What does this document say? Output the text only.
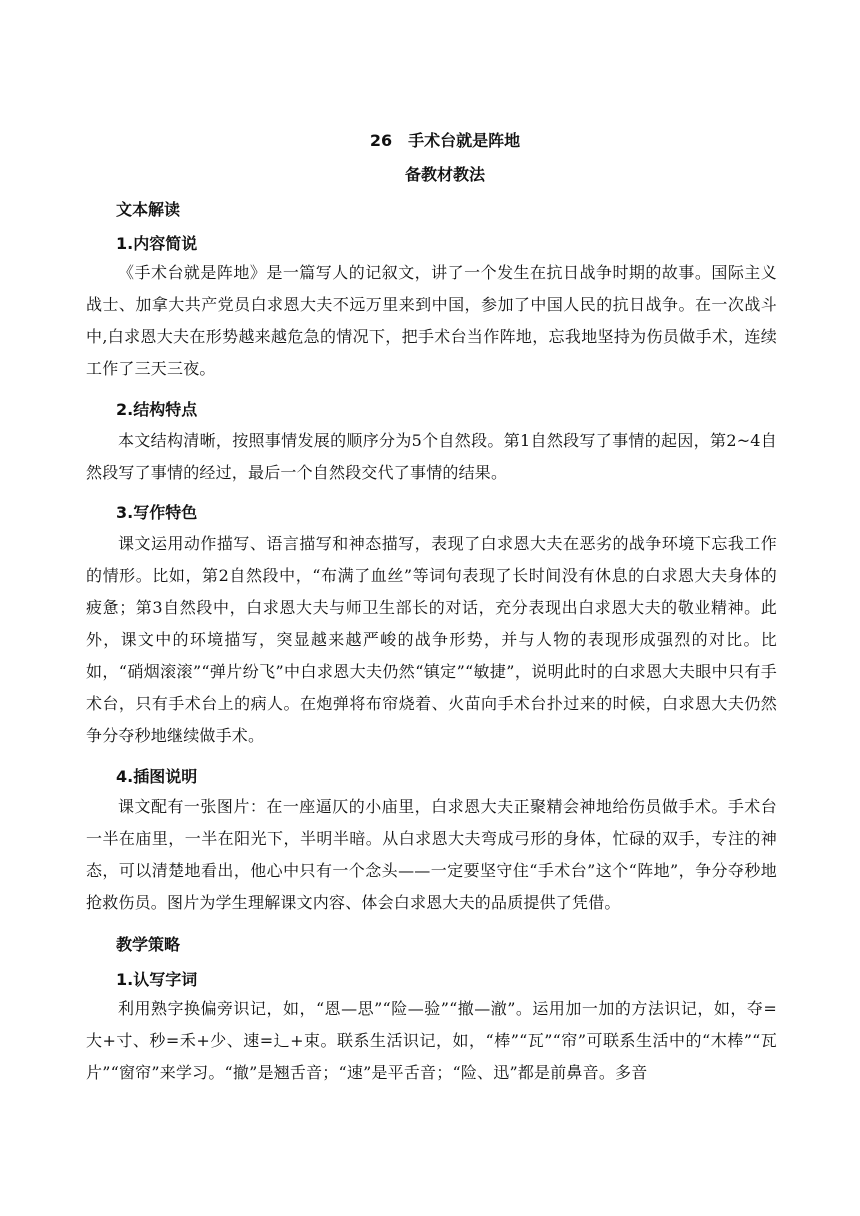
26　手术台就是阵地
备教材教法
文本解读
1.内容简说

《手术台就是阵地》是一篇写人的记叙文，讲了一个发生在抗日战争时期的故事。国际主义战士、加拿大共产党员白求恩大夫不远万里来到中国，参加了中国人民的抗日战争。在一次战斗中,白求恩大夫在形势越来越危急的情况下，把手术台当作阵地，忘我地坚持为伤员做手术，连续工作了三天三夜。

2.结构特点

本文结构清晰，按照事情发展的顺序分为5个自然段。第1自然段写了事情的起因，第2~4自然段写了事情的经过，最后一个自然段交代了事情的结果。

3.写作特色

课文运用动作描写、语言描写和神态描写，表现了白求恩大夫在恶劣的战争环境下忘我工作的情形。比如，第2自然段中，“布满了血丝”等词句表现了长时间没有休息的白求恩大夫身体的疲惫；第3自然段中，白求恩大夫与师卫生部长的对话，充分表现出白求恩大夫的敬业精神。此外，课文中的环境描写，突显越来越严峻的战争形势，并与人物的表现形成强烈的对比。比如，“硝烟滚滚”“弹片纷飞”中白求恩大夫仍然“镇定”“敏捷”，说明此时的白求恩大夫眼中只有手术台，只有手术台上的病人。在炮弹将布帘烧着、火苗向手术台扑过来的时候，白求恩大夫仍然争分夺秒地继续做手术。

4.插图说明

课文配有一张图片：在一座逼仄的小庙里，白求恩大夫正聚精会神地给伤员做手术。手术台一半在庙里，一半在阳光下，半明半暗。从白求恩大夫弯成弓形的身体，忙碌的双手，专注的神态，可以清楚地看出，他心中只有一个念头——一定要坚守住“手术台”这个“阵地”，争分夺秒地抢救伤员。图片为学生理解课文内容、体会白求恩大夫的品质提供了凭借。

教学策略
1.认写字词

利用熟字换偏旁识记，如，“恩—思”“险—验”“撤—澈”。运用加一加的方法识记，如，夺=大+寸、秒=禾+少、速=辶+束。联系生活识记，如，“棒”“瓦”“帘”可联系生活中的“木棒”“瓦片”“窗帘”来学习。“撤”是翘舌音；“速”是平舌音；“险、迅”都是前鼻音。多音
